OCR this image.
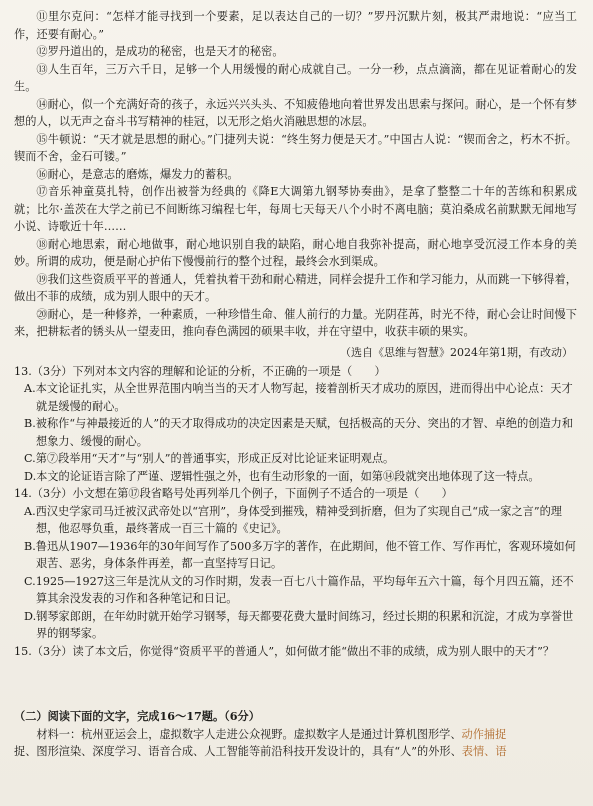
⑪里尔克问：“怎样才能寻找到一个要素，足以表达自己的一切？”罗丹沉默片刻，极其严肃地说：“应当工作，还要有耐心。”

⑫罗丹道出的，是成功的秘密，也是天才的秘密。

⑬人生百年，三万六千日，足够一个人用缓慢的耐心成就自己。一分一秒，点点滴滴，都在见证着耐心的发生。

⑭耐心，似一个充满好奇的孩子，永远兴兴头头、不知疲倦地向着世界发出思索与探问。耐心，是一个怀有梦想的人，以无声之奋斗书写精神的桂冠，以无形之焰火消融思想的冰层。

⑮牛顿说：“天才就是思想的耐心。”门捷列夫说：“终生努力便是天才。”中国古人说：“锲而舍之，朽木不折。锲而不舍，金石可镂。”

⑯耐心，是意志的磨炼，爆发力的蓄积。

⑰音乐神童莫扎特，创作出被誉为经典的《降E大调第九钢琴协奏曲》，是拿了整整二十年的苦练和积累成就；比尔·盖茨在大学之前已不间断练习编程七年，每周七天每天八个小时不离电脑；莫泊桑成名前默默无闻地写小说、诗歌近十年……

⑱耐心地思索，耐心地做事，耐心地识别自我的缺陷，耐心地自我弥补提高，耐心地享受沉浸工作本身的美妙。所谓的成功，便是耐心护佑下慢慢前行的整个过程，最终会水到渠成。

⑲我们这些资质平平的普通人，凭着执着干劲和耐心精进，同样会提升工作和学习能力，从而跳一下够得着，做出不菲的成绩，成为别人眼中的天才。

⑳耐心，是一种修养，一种素质，一种珍惜生命、催人前行的力量。光阴荏苒，时光不待，耐心会让时间慢下来，把耕耘者的锈头从一望麦田，推向春色满园的硕果丰收，并在守望中，收获丰硕的果实。

（选自《思维与智慧》2024年第1期，有改动）

13.（3分）下列对本文内容的理解和论证的分析，不正确的一项是（　　）

A.本文论证扎实，从全世界范围内响当当的天才人物写起，接着剖析天才成功的原因，进而得出中心论点：天才就是缓慢的耐心。

B.被称作“与神最接近的人”的天才取得成功的决定因素是天赋，包括极高的天分、突出的才智、卓绝的创造力和想象力、缓慢的耐心。

C.第⑦段举用“天才”与“别人”的普通事实，形成正反对比论证来证明观点。

D.本文的论证语言除了严谨、逻辑性强之外，也有生动形象的一面，如第⑭段就突出地体现了这一特点。

14.（3分）小文想在第⑰段省略号处再列举几个例子，下面例子不适合的一项是（　　）

A.西汉史学家司马迁被汉武帝处以“宫刑”，身体受到摧残，精神受到折磨，但为了实现自己“成一家之言”的理想，他忍辱负重，最终著成一百三十篇的《史记》。

B.鲁迅从1907—1936年的30年间写作了500多万字的著作，在此期间，他不管工作、写作再忙，客观环境如何艰苦、恶劣，身体条件再差，都一直坚持写日记。

C.1925—1927这三年是沈从文的习作时期，发表一百七八十篇作品，平均每年五六十篇，每个月四五篇，还不算其余没发表的习作和各种笔记和日记。

D.钢琴家郎朗，在年幼时就开始学习钢琴，每天都要花费大量时间练习，经过长期的积累和沉淀，才成为享誉世界的钢琴家。

15.（3分）读了本文后，你觉得“资质平平的普通人”，如何做才能“做出不菲的成绩，成为别人眼中的天才”？

（二）阅读下面的文字，完成16～17题。（6分）

材料一：杭州亚运会上，虚拟数字人走进公众视野。虚拟数字人是通过计算机图形学、动作捕捉

捉、图形渲染、深度学习、语音合成、人工智能等前沿科技开发设计的，具有“人”的外形、表情、语
